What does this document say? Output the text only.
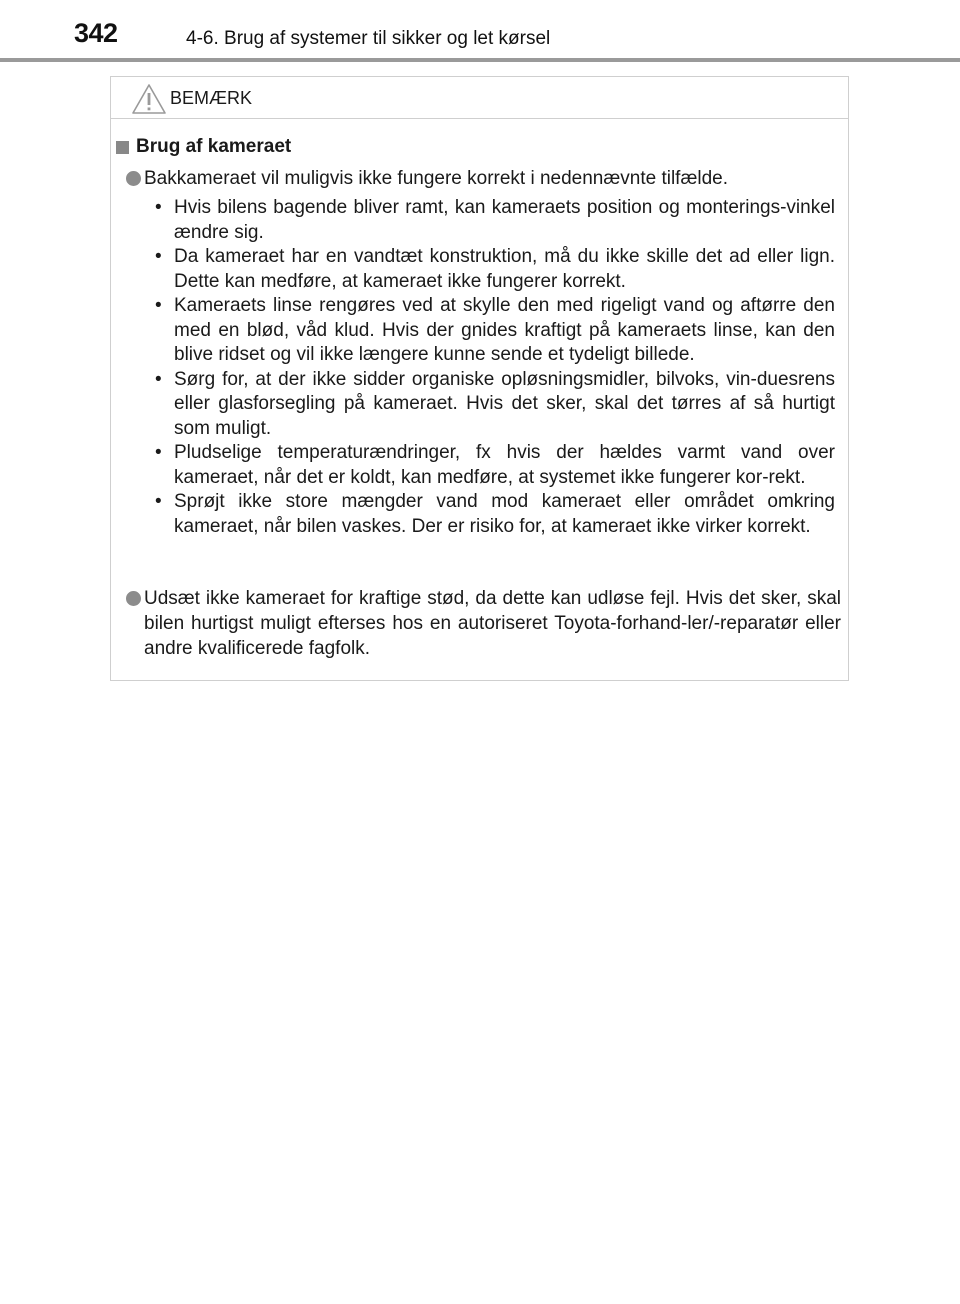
342	4-6. Brug af systemer til sikker og let kørsel
BEMÆRK
Brug af kameraet
Bakkameraet vil muligvis ikke fungere korrekt i nedennævnte tilfælde.
• Hvis bilens bagende bliver ramt, kan kameraets position og monterings-vinkel ændre sig.
• Da kameraet har en vandtæt konstruktion, må du ikke skille det ad eller lign. Dette kan medføre, at kameraet ikke fungerer korrekt.
• Kameraets linse rengøres ved at skylle den med rigeligt vand og aftørre den med en blød, våd klud. Hvis der gnides kraftigt på kameraets linse, kan den blive ridset og vil ikke længere kunne sende et tydeligt billede.
• Sørg for, at der ikke sidder organiske opløsningsmidler, bilvoks, vin-duesrens eller glasforsegling på kameraet. Hvis det sker, skal det tørres af så hurtigt som muligt.
• Pludselige temperaturændringer, fx hvis der hældes varmt vand over kameraet, når det er koldt, kan medføre, at systemet ikke fungerer kor-rekt.
• Sprøjt ikke store mængder vand mod kameraet eller området omkring kameraet, når bilen vaskes. Der er risiko for, at kameraet ikke virker korrekt.
Udsæt ikke kameraet for kraftige stød, da dette kan udløse fejl. Hvis det sker, skal bilen hurtigst muligt efterses hos en autoriseret Toyota-forhand-ler/-reparatør eller andre kvalificerede fagfolk.
